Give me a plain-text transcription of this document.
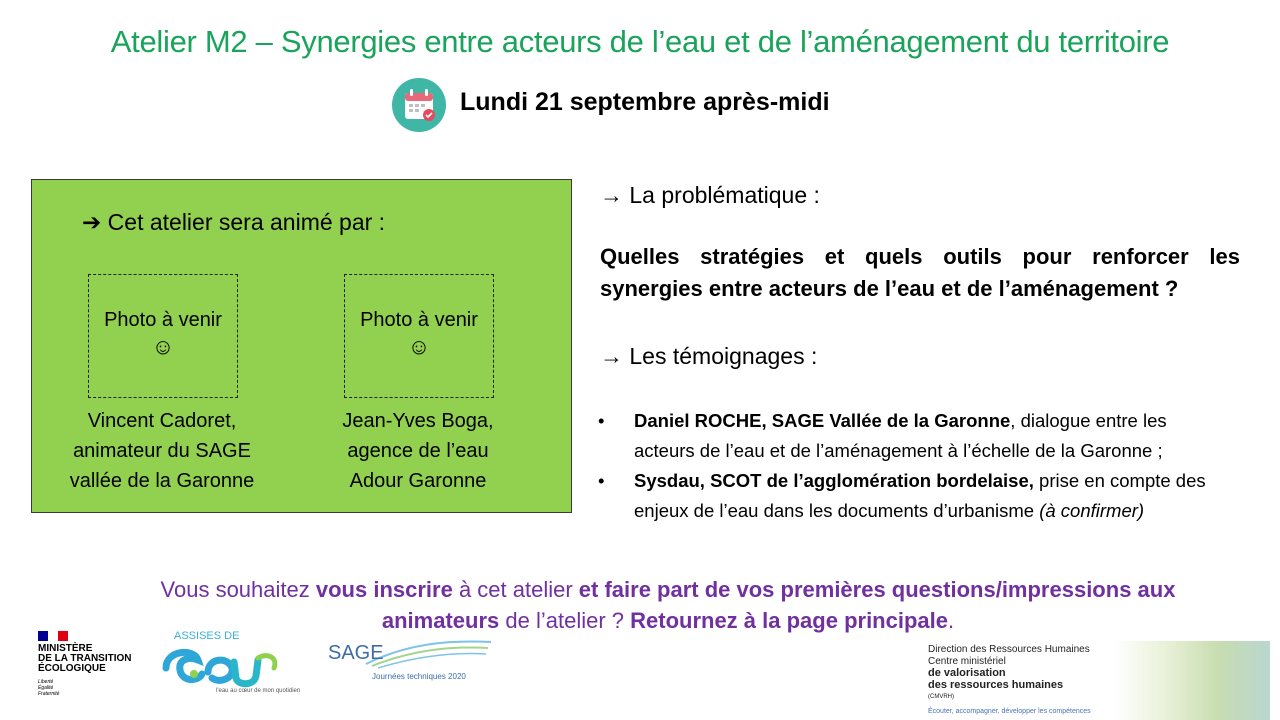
Atelier M2 – Synergies entre acteurs de l’eau et de l’aménagement du territoire
Lundi 21 septembre après-midi
➔ Cet atelier sera animé par :
Photo à venir
☺
Photo à venir
☺
Vincent Cadoret,
animateur du SAGE
vallée de la Garonne
Jean-Yves Boga,
agence de l’eau
Adour Garonne
→ La problématique :
Quelles stratégies et quels outils pour renforcer les
synergies entre acteurs de l’eau et de l’aménagement ?
→ Les témoignages :
• Daniel ROCHE, SAGE Vallée de la Garonne, dialogue entre les
acteurs de l’eau et de l’aménagement à l’échelle de la Garonne ;
• Sysdau, SCOT de l’agglomération bordelaise, prise en compte des
enjeux de l’eau dans les documents d’urbanisme (à confirmer)
Vous souhaitez vous inscrire à cet atelier et faire part de vos premières questions/impressions aux
animateurs de l’atelier ? Retournez à la page principale.
MINISTÈRE
DE LA TRANSITION
ÉCOLOGIQUE
Liberté
Égalité
Fraternité
ASSISES DE
l'eau au cœur de mon quotidien
SAGE
Journées techniques 2020
Direction des Ressources Humaines
Centre ministériel
de valorisation
des ressources humaines
(CMVRH)
Écouter, accompagner, développer les compétences
